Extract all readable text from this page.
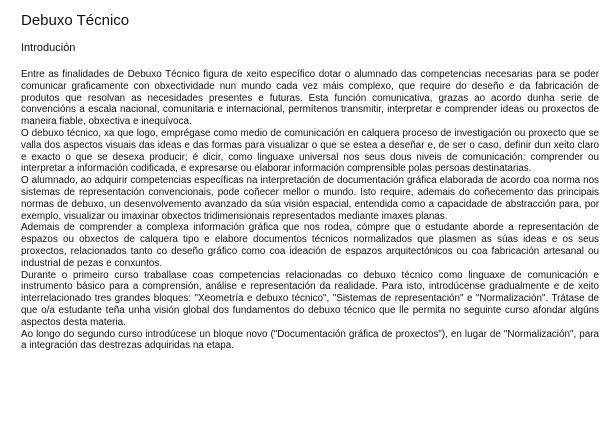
Debuxo Técnico
Introdución

Entre as finalidades de Debuxo Técnico figura de xeito específico dotar o alumnado das competencias necesarias para se poder comunicar graficamente con obxectividade nun mundo cada vez máis complexo, que require do deseño e da fabricación de produtos que resolvan as necesidades presentes e futuras. Esta función comunicativa, grazas ao acordo dunha serie de convencións a escala nacional, comunitaria e internacional, permítenos transmitir, interpretar e comprender ideas ou proxectos de maneira fiable, obxectiva e inequívoca.

O debuxo técnico, xa que logo, emprégase como medio de comunicación en calquera proceso de investigación ou proxecto que se valla dos aspectos visuais das ideas e das formas para visualizar o que se estea a deseñar e, de ser o caso, definir dun xeito claro e exacto o que se desexa producir; é dicir, como linguaxe universal nos seus dous niveis de comunicación: comprender ou interpretar a información codificada, e expresarse ou elaborar información comprensible polas persoas destinatarias.

O alumnado, ao adquirir competencias específicas na interpretación de documentación gráfica elaborada de acordo coa norma nos sistemas de representación convencionais, pode coñecer mellor o mundo. Isto require, ademais do coñecemento das principais normas de debuxo, un desenvolvemento avanzado da súa visión espacial, entendida como a capacidade de abstracción para, por exemplo, visualizar ou imaxinar obxectos tridimensionais representados mediante imaxes planas.

Ademais de comprender a complexa información gráfica que nos rodea, cómpre que o estudante aborde a representación de espazos ou obxectos de calquera tipo e elabore documentos técnicos normalizados que plasmen as súas ideas e os seus proxectos, relacionados tanto co deseño gráfico como coa ideación de espazos arquitectónicos ou coa fabricación artesanal ou industrial de pezas e conxuntos.

Durante o primeiro curso traballase coas competencias relacionadas co debuxo técnico como linguaxe de comunicación e instrumento básico para a comprensión, análise e representación da realidade. Para isto, introdúcense gradualmente e de xeito interrelacionado tres grandes bloques: "Xeometría e debuxo técnico", "Sistemas de representación" e "Normalización". Trátase de que o/a estudante teña unha visión global dos fundamentos do debuxo técnico que lle permita no seguinte curso afondar algúns aspectos desta materia.

Ao longo do segundo curso introdúcese un bloque novo ("Documentación gráfica de proxectos"), en lugar de "Normalización", para a integración das destrezas adquiridas na etapa.
